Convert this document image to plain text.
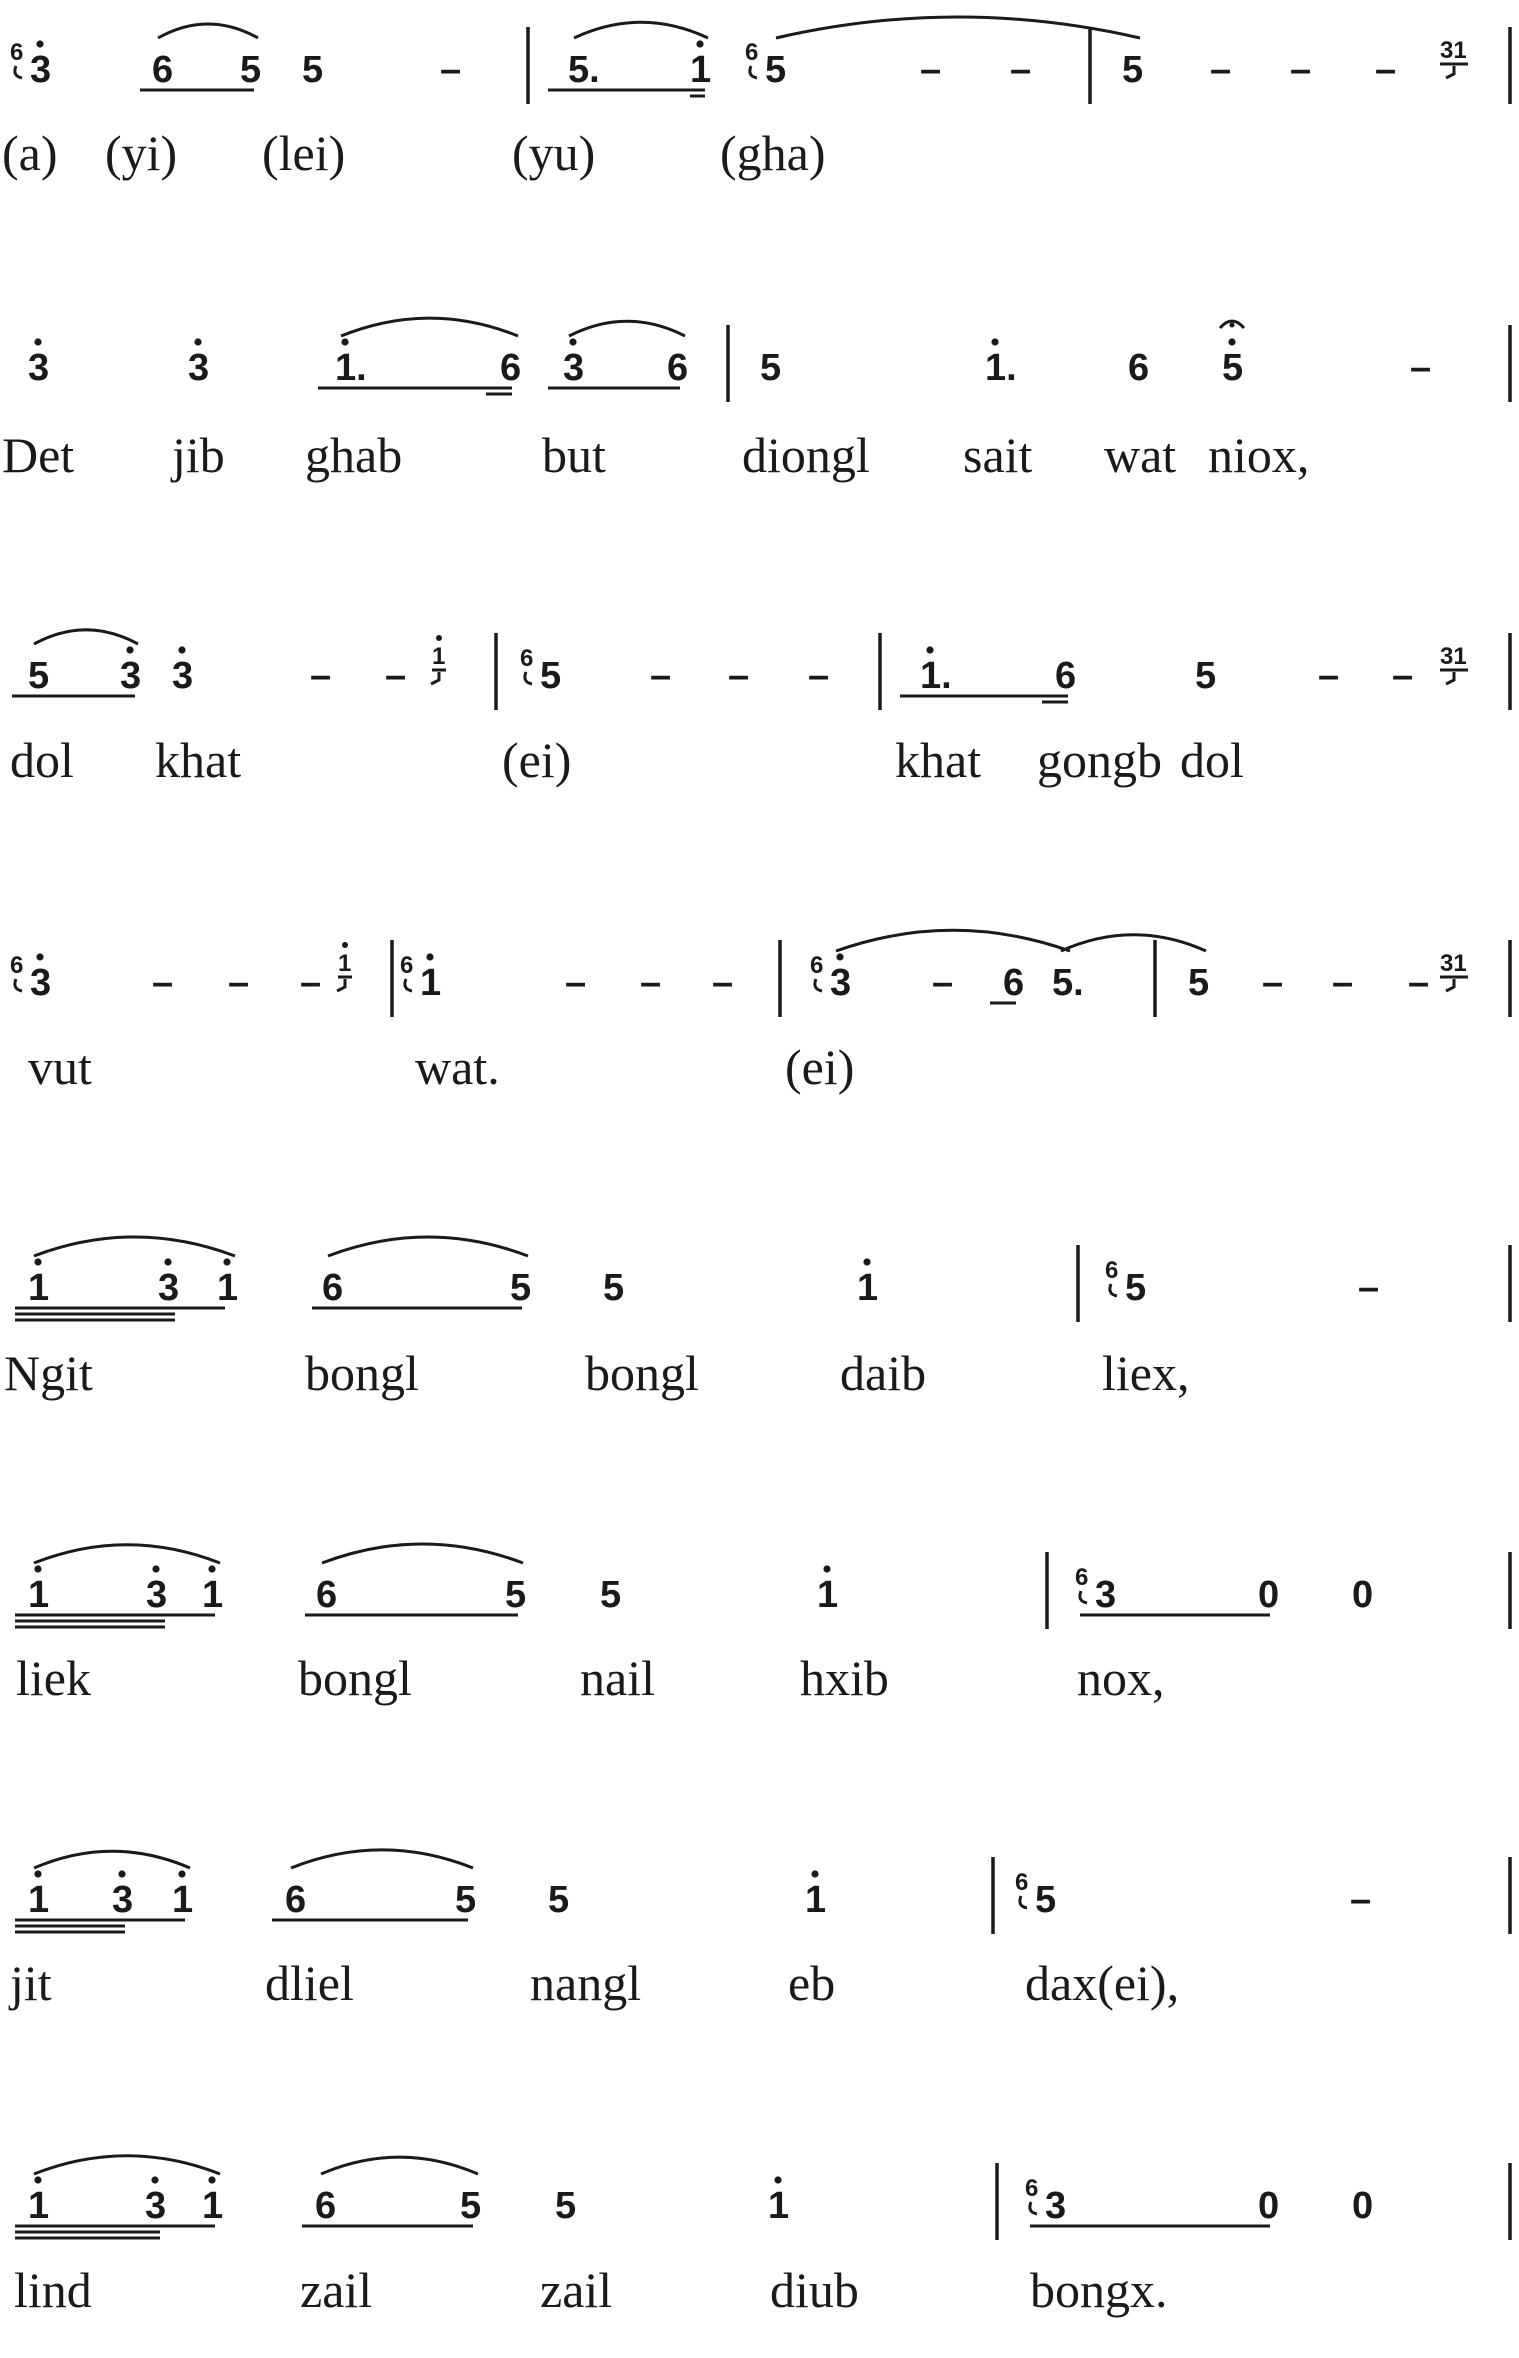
3
6	6 5 5	–	5. 1 5
6	– – 5 – – – 31
3	3	1.	6 3 6 5	1.	6 5	–
5 3 3	– –	5
6	– – – 1.	6	5	– –
1	31
3
6	– – –	1
6	– – –	3
6	– 6 5.	5 – – –
1	31
1	3 1 6	5 5	1	5
6	–
1	3 1 6	5 5	1	3
6	0 0
1 3 1 6	5 5	1	5
6	–
1	3 1 6	5 5	1	3
6	0 0
(a) (yi) (lei)	(yu) (gha)
Det jib ghab	but	diongl sait wat niox,
dol khat	(ei)	khat gongb dol
vut	wat.	(ei)
Ngit	bongl	bongl	daib	liex,
liek	bongl	nail	hxib	nox,
jit	dliel	nangl	eb	dax(ei),
lind	zail	zail	diub	bongx.
